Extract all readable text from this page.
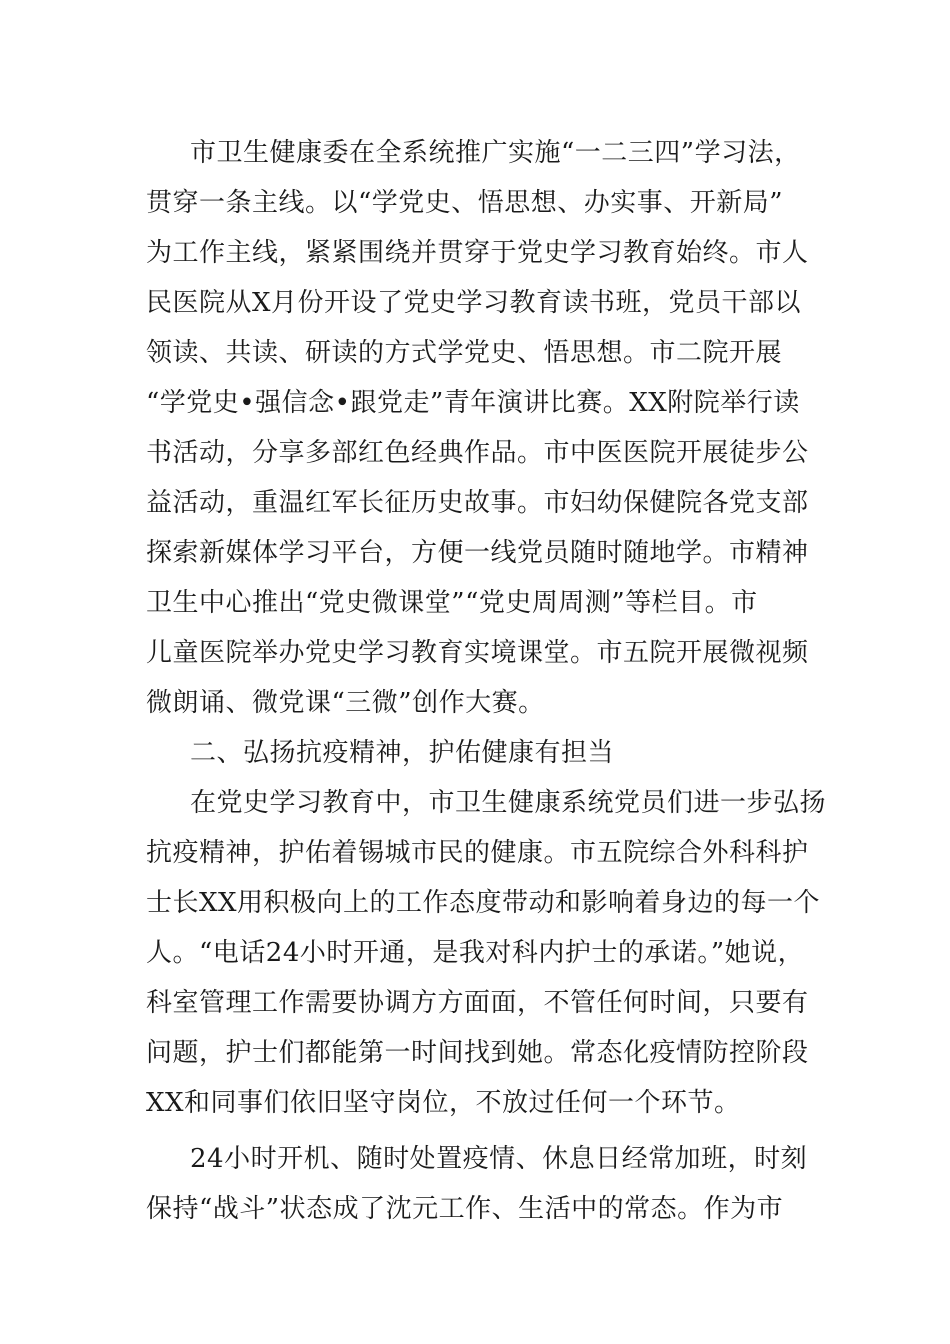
市卫生健康委在全系统推广实施“一二三四”学习法，
贯穿一条主线。以“学党史、悟思想、办实事、开新局”
为工作主线，紧紧围绕并贯穿于党史学习教育始终。市人
民医院从X月份开设了党史学习教育读书班，党员干部以
领读、共读、研读的方式学党史、悟思想。市二院开展
“学党史•强信念•跟党走”青年演讲比赛。XX附院举行读
书活动，分享多部红色经典作品。市中医医院开展徒步公
益活动，重温红军长征历史故事。市妇幼保健院各党支部
探索新媒体学习平台，方便一线党员随时随地学。市精神
卫生中心推出“党史微课堂”“党史周周测”等栏目。市
儿童医院举办党史学习教育实境课堂。市五院开展微视频
微朗诵、微党课“三微”创作大赛。
二、弘扬抗疫精神，护佑健康有担当
在党史学习教育中，市卫生健康系统党员们进一步弘扬
抗疫精神，护佑着锡城市民的健康。市五院综合外科科护
士长XX用积极向上的工作态度带动和影响着身边的每一个
人。“电话24小时开通，是我对科内护士的承诺。”她说，
科室管理工作需要协调方方面面，不管任何时间，只要有
问题，护士们都能第一时间找到她。常态化疫情防控阶段
XX和同事们依旧坚守岗位，不放过任何一个环节。
24小时开机、随时处置疫情、休息日经常加班，时刻
保持“战斗”状态成了沈元工作、生活中的常态。作为市
